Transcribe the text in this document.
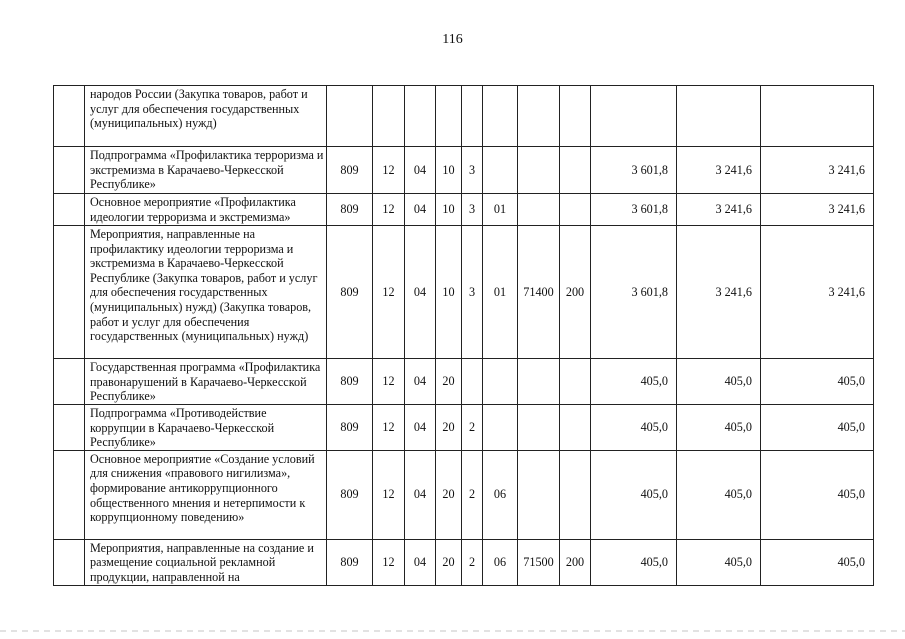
116
	народов России (Закупка товаров, работ и услуг для обеспечения государственных (муниципальных) нужд)											
	Подпрограмма «Профилактика терроризма и экстремизма в Карачаево-Черкесской Республике»	809	12	04	10	3				3 601,8	3 241,6	3 241,6
	Основное мероприятие «Профилактика идеологии терроризма и экстремизма»	809	12	04	10	3	01			3 601,8	3 241,6	3 241,6
	Мероприятия, направленные на профилактику идеологии терроризма и экстремизма в Карачаево-Черкесской Республике (Закупка товаров, работ и услуг для обеспечения государственных (муниципальных) нужд) (Закупка товаров, работ и услуг для обеспечения государственных (муниципальных) нужд)	809	12	04	10	3	01	71400	200	3 601,8	3 241,6	3 241,6
	Государственная программа «Профилактика правонарушений в Карачаево-Черкесской Республике»	809	12	04	20					405,0	405,0	405,0
	Подпрограмма «Противодействие коррупции в Карачаево-Черкесской Республике»	809	12	04	20	2				405,0	405,0	405,0
	Основное мероприятие «Создание условий для снижения «правового нигилизма», формирование антикоррупционного общественного мнения и нетерпимости к коррупционному поведению»	809	12	04	20	2	06			405,0	405,0	405,0
	Мероприятия, направленные на создание и размещение социальной рекламной продукции, направленной на	809	12	04	20	2	06	71500	200	405,0	405,0	405,0
